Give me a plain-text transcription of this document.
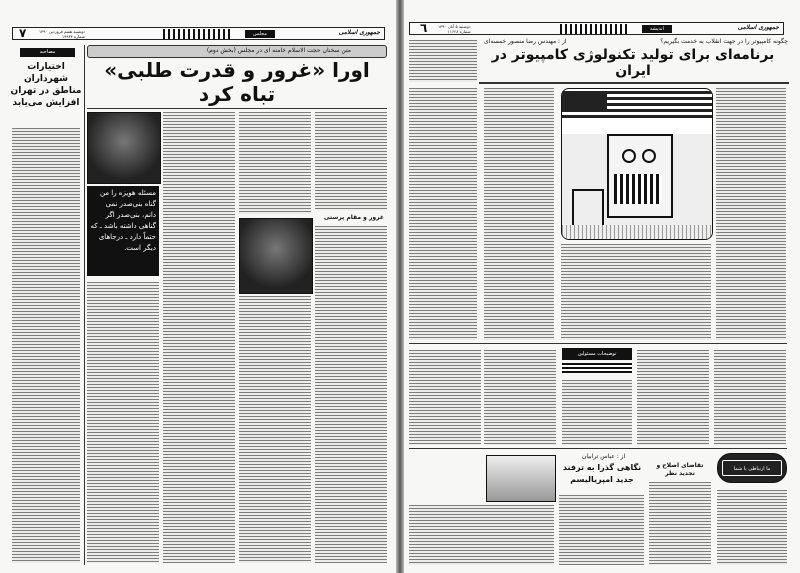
۷	دوشنبه هفتم فروردین ۱۳۹۰
شماره ۱۹۹۳۴	مجلس	جمهوری اسلامی
مصاحبه
اختیارات شهرداران مناطق در تهران افزایش می‌یابد
متن سخنان حجت الاسلام خامنه ای در مجلس (بخش دوم)
اورا «غرور و قدرت طلبی» تباه کرد
مسئله هویزه را من گناه بنی‌صدر نمی دانم، بنی‌صدر اگر گناهی داشته باشد ـ که حتماً دارد ـ درجاهای دیگر است.
غرور و مقام پرستی
٦	دوشنبه ۵ آبان ۱۳۹۰
شماره ۱۱۶۲۸	اندیشه	جمهوری اسلامی
چگونه کامپیوتر را در جهت انقلاب به خدمت بگیریم؟
از : مهندس رضا منصور خمسه‌ای
برنامه‌ای برای تولید تکنولوژی کامپیوتر در ایران
توضیحات مسئولین
از : عباس ترابیان
نگاهی گذرا به ترفند
جدید امپریالیسم
تقاضای اصلاح و تجدید نظر
ما ارتباطی با شما
